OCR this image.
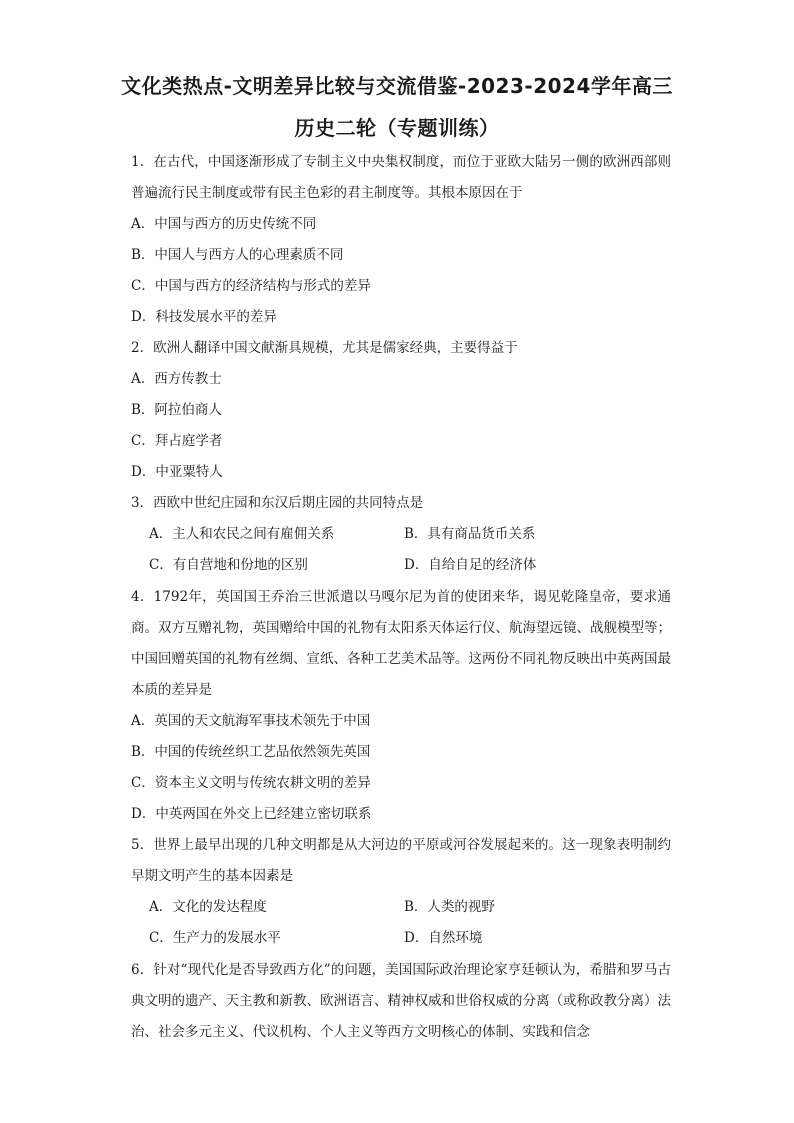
文化类热点-文明差异比较与交流借鉴-2023-2024学年高三
历史二轮（专题训练）

1．在古代，中国逐渐形成了专制主义中央集权制度，而位于亚欧大陆另一侧的欧洲西部则普遍流行民主制度或带有民主色彩的君主制度等。其根本原因在于

A．中国与西方的历史传统不同

B．中国人与西方人的心理素质不同

C．中国与西方的经济结构与形式的差异

D．科技发展水平的差异

2．欧洲人翻译中国文献渐具规模，尤其是儒家经典，主要得益于

A．西方传教士

B．阿拉伯商人

C．拜占庭学者

D．中亚粟特人

3．西欧中世纪庄园和东汉后期庄园的共同特点是

A．主人和农民之间有雇佣关系	B．具有商品货币关系
C．有自营地和份地的区别	D．自给自足的经济体

4．1792年，英国国王乔治三世派遣以马嘎尔尼为首的使团来华，谒见乾隆皇帝，要求通商。双方互赠礼物，英国赠给中国的礼物有太阳系天体运行仪、航海望远镜、战舰模型等；中国回赠英国的礼物有丝绸、宣纸、各种工艺美术品等。这两份不同礼物反映出中英两国最本质的差异是

A．英国的天文航海军事技术领先于中国

B．中国的传统丝织工艺品依然领先英国

C．资本主义文明与传统农耕文明的差异

D．中英两国在外交上已经建立密切联系

5．世界上最早出现的几种文明都是从大河边的平原或河谷发展起来的。这一现象表明制约早期文明产生的基本因素是

A．文化的发达程度	B．人类的视野
C．生产力的发展水平	D．自然环境

6．针对“现代化是否导致西方化”的问题，美国国际政治理论家亨廷顿认为，希腊和罗马古典文明的遗产、天主教和新教、欧洲语言、精神权威和世俗权威的分离（或称政教分离）法治、社会多元主义、代议机构、个人主义等西方文明核心的体制、实践和信念
